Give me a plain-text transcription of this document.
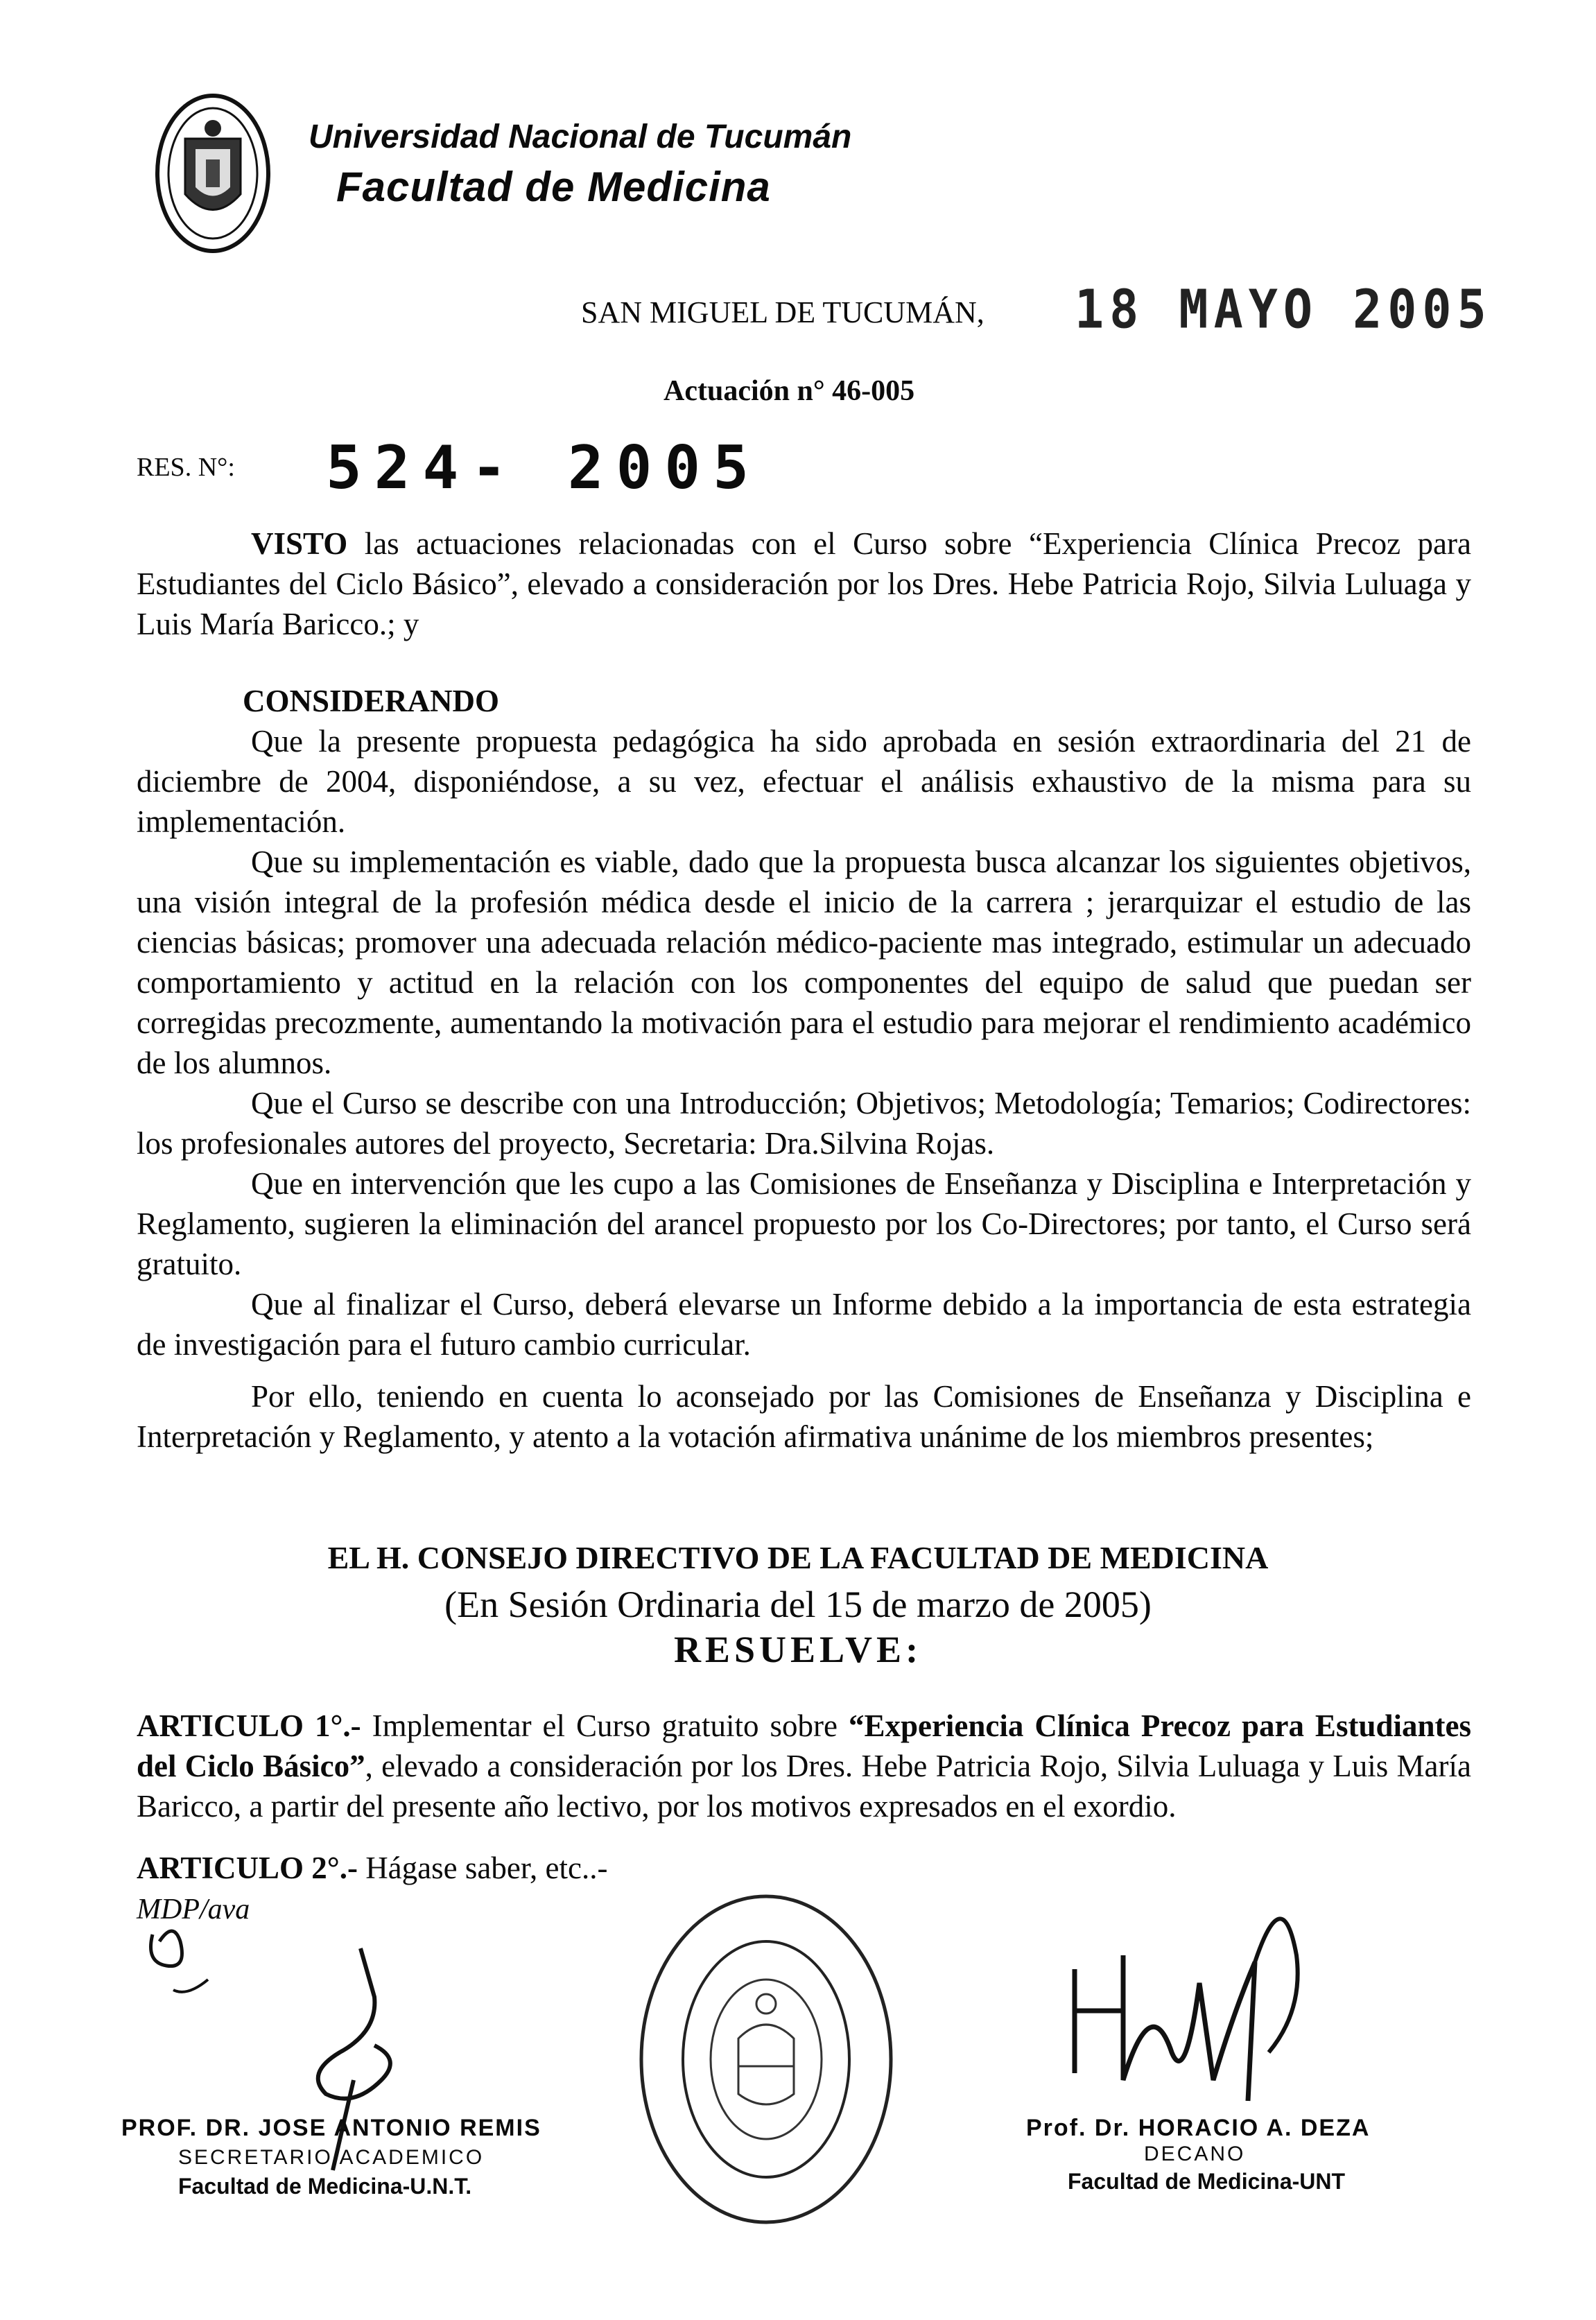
Universidad Nacional de Tucumán
Facultad de Medicina
SAN MIGUEL DE TUCUMÁN, 18 MAYO 2005
Actuación n° 46-005
RES. N°: 524- 2005

VISTO las actuaciones relacionadas con el Curso sobre “Experiencia Clínica Precoz para Estudiantes del Ciclo Básico”, elevado a consideración por los Dres. Hebe Patricia Rojo, Silvia Luluaga y Luis María Baricco.; y

CONSIDERANDO

Que la presente propuesta pedagógica ha sido aprobada en sesión extraordinaria del 21 de diciembre de 2004, disponiéndose, a su vez, efectuar el análisis exhaustivo de la misma para su implementación.

Que su implementación es viable, dado que la propuesta busca alcanzar los siguientes objetivos, una visión integral de la profesión médica desde el inicio de la carrera ; jerarquizar el estudio de las ciencias básicas; promover una adecuada relación médico-paciente mas integrado, estimular un adecuado comportamiento y actitud en la relación con los componentes del equipo de salud que puedan ser corregidas precozmente, aumentando la motivación para el estudio para mejorar el rendimiento académico de los alumnos.

Que el Curso se describe con una Introducción; Objetivos; Metodología; Temarios; Codirectores: los profesionales autores del proyecto, Secretaria: Dra.Silvina Rojas.

Que en intervención que les cupo a las Comisiones de Enseñanza y Disciplina e Interpretación y Reglamento, sugieren la eliminación del arancel propuesto por los Co-Directores; por tanto, el Curso será gratuito.

Que al finalizar el Curso, deberá elevarse un Informe debido a la importancia de esta estrategia de investigación para el futuro cambio curricular.

Por ello, teniendo en cuenta lo aconsejado por las Comisiones de Enseñanza y Disciplina e Interpretación y Reglamento, y atento a la votación afirmativa unánime de los miembros presentes;

EL H. CONSEJO DIRECTIVO DE LA FACULTAD DE MEDICINA
(En Sesión Ordinaria del 15 de marzo de 2005)
RESUELVE:

ARTICULO 1°.- Implementar el Curso gratuito sobre “Experiencia Clínica Precoz para Estudiantes del Ciclo Básico”, elevado a consideración por los Dres. Hebe Patricia Rojo, Silvia Luluaga y Luis María Baricco, a partir del presente año lectivo, por los motivos expresados en el exordio.

ARTICULO 2°.- Hágase saber, etc..-
MDP/ava
PROF. DR. JOSE ANTONIO REMIS
SECRETARIO ACADEMICO
Facultad de Medicina-U.N.T.
Prof. Dr. HORACIO A. DEZA
DECANO
Facultad de Medicina-UNT
